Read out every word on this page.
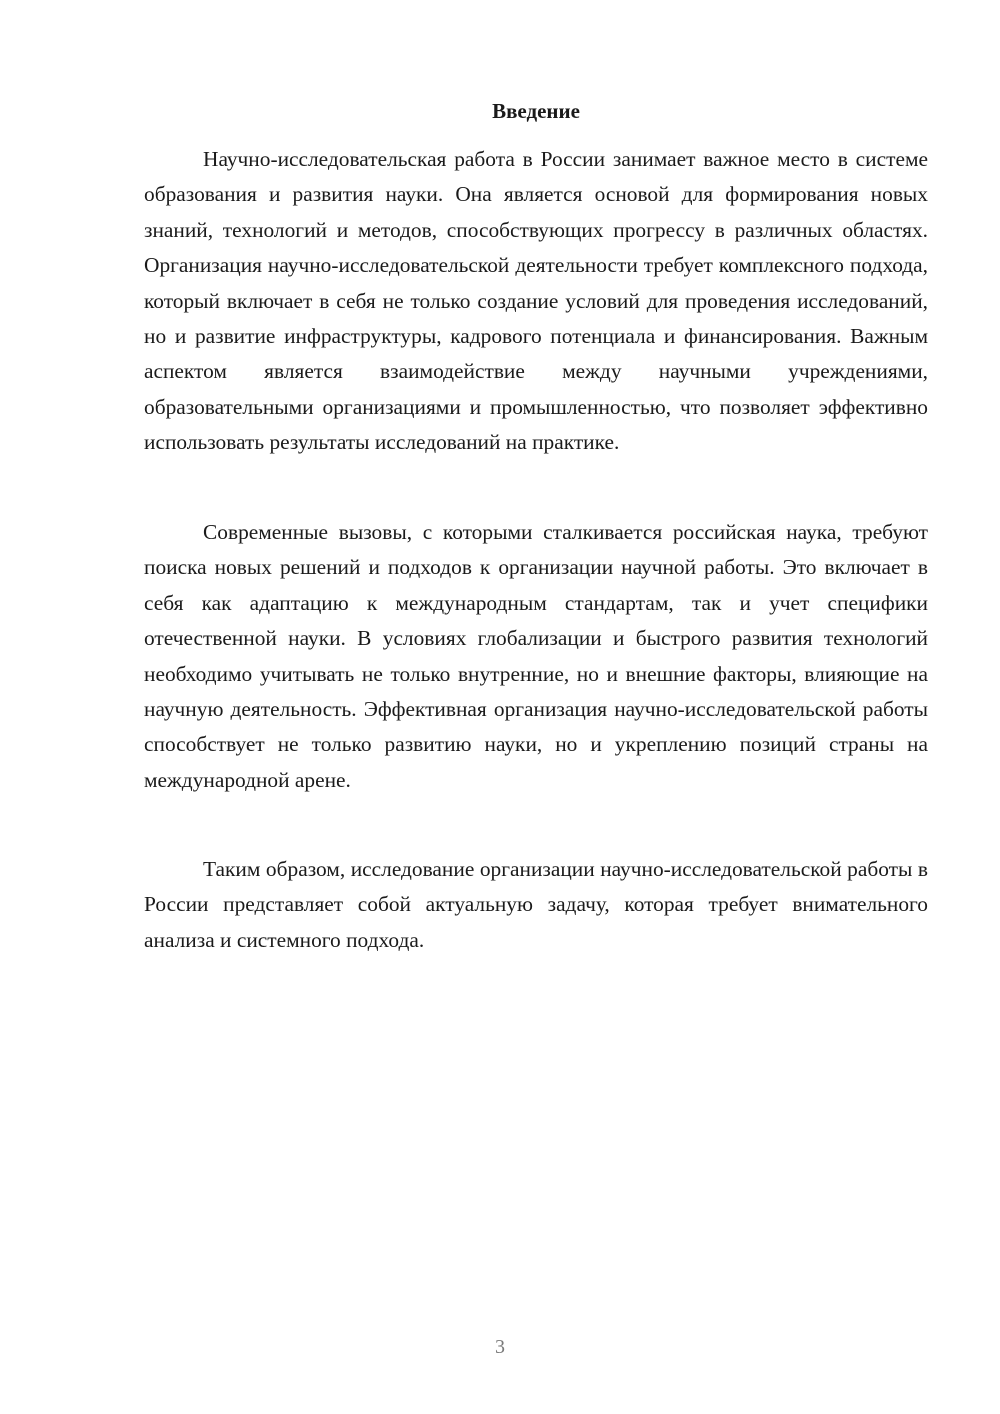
Введение

Научно-исследовательская работа в России занимает важное место в системе образования и развития науки. Она является основой для формирования новых знаний, технологий и методов, способствующих прогрессу в различных областях. Организация научно-исследовательской деятельности требует комплексного подхода, который включает в себя не только создание условий для проведения исследований, но и развитие инфраструктуры, кадрового потенциала и финансирования. Важным аспектом является взаимодействие между научными учреждениями, образовательными организациями и промышленностью, что позволяет эффективно использовать результаты исследований на практике.

Современные вызовы, с которыми сталкивается российская наука, требуют поиска новых решений и подходов к организации научной работы. Это включает в себя как адаптацию к международным стандартам, так и учет специфики отечественной науки. В условиях глобализации и быстрого развития технологий необходимо учитывать не только внутренние, но и внешние факторы, влияющие на научную деятельность. Эффективная организация научно-исследовательской работы способствует не только развитию науки, но и укреплению позиций страны на международной арене.

Таким образом, исследование организации научно-исследовательской работы в России представляет собой актуальную задачу, которая требует внимательного анализа и системного подхода.

3
